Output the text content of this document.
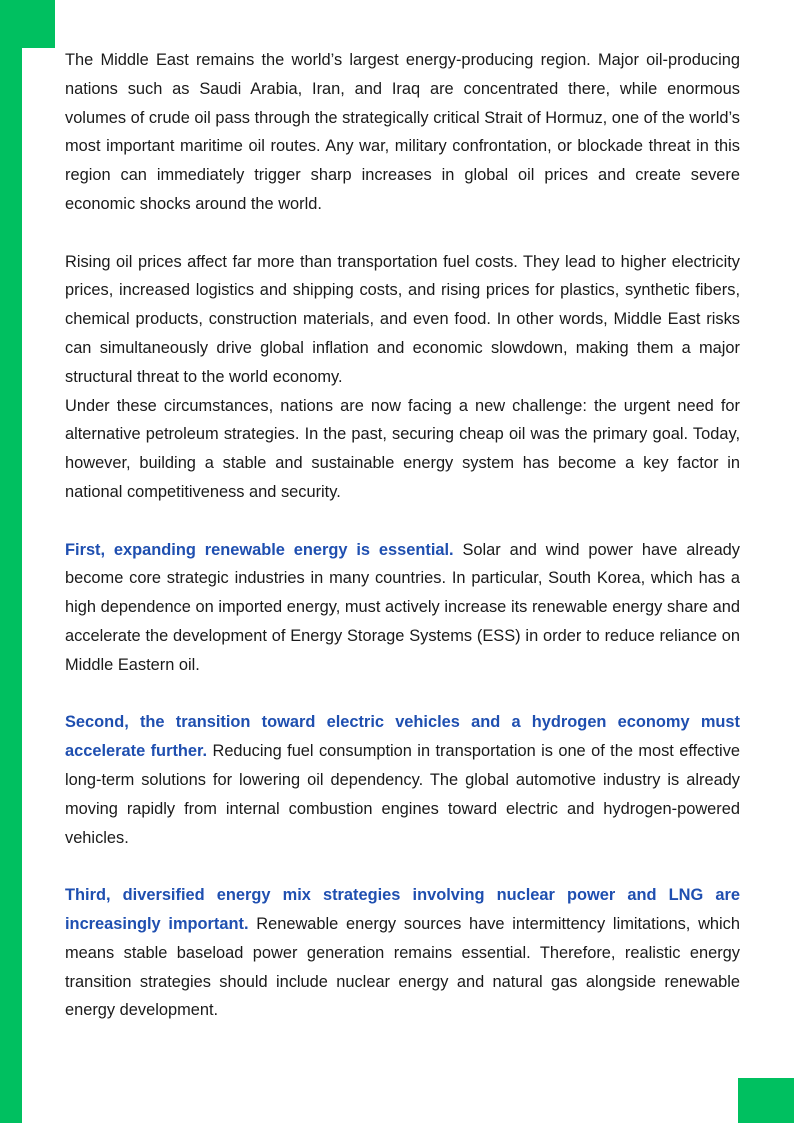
The Middle East remains the world’s largest energy-producing region. Major oil-producing nations such as Saudi Arabia, Iran, and Iraq are concentrated there, while enormous volumes of crude oil pass through the strategically critical Strait of Hormuz, one of the world’s most important maritime oil routes. Any war, military confrontation, or blockade threat in this region can immediately trigger sharp increases in global oil prices and create severe economic shocks around the world.

Rising oil prices affect far more than transportation fuel costs. They lead to higher electricity prices, increased logistics and shipping costs, and rising prices for plastics, synthetic fibers, chemical products, construction materials, and even food. In other words, Middle East risks can simultaneously drive global inflation and economic slowdown, making them a major structural threat to the world economy.

Under these circumstances, nations are now facing a new challenge: the urgent need for alternative petroleum strategies. In the past, securing cheap oil was the primary goal. Today, however, building a stable and sustainable energy system has become a key factor in national competitiveness and security.

First, expanding renewable energy is essential. Solar and wind power have already become core strategic industries in many countries. In particular, South Korea, which has a high dependence on imported energy, must actively increase its renewable energy share and accelerate the development of Energy Storage Systems (ESS) in order to reduce reliance on Middle Eastern oil.

Second, the transition toward electric vehicles and a hydrogen economy must accelerate further. Reducing fuel consumption in transportation is one of the most effective long-term solutions for lowering oil dependency. The global automotive industry is already moving rapidly from internal combustion engines toward electric and hydrogen-powered vehicles.

Third, diversified energy mix strategies involving nuclear power and LNG are increasingly important. Renewable energy sources have intermittency limitations, which means stable baseload power generation remains essential. Therefore, realistic energy transition strategies should include nuclear energy and natural gas alongside renewable energy development.
